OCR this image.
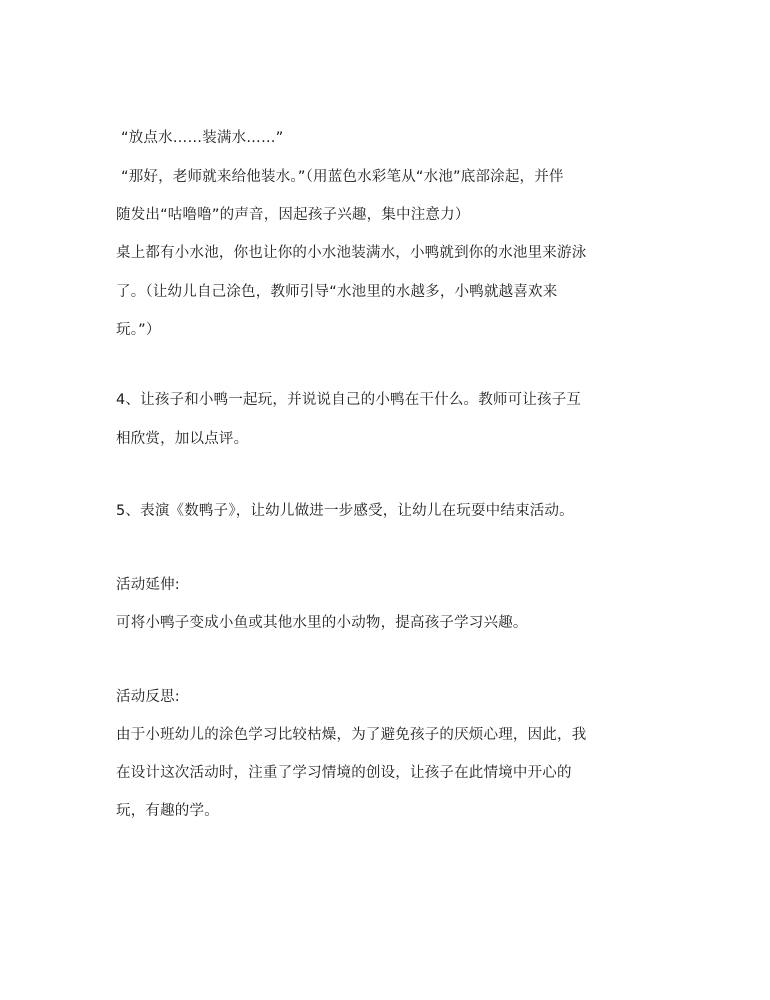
“放点水……装满水……”
“那好，老师就来给他装水。”（用蓝色水彩笔从“水池”底部涂起，并伴
随发出“咕噜噜”的声音，因起孩子兴趣，集中注意力）
桌上都有小水池，你也让你的小水池装满水，小鸭就到你的水池里来游泳
了。（让幼儿自己涂色，教师引导“水池里的水越多，小鸭就越喜欢来
玩。”）
4、让孩子和小鸭一起玩，并说说自己的小鸭在干什么。教师可让孩子互
相欣赏，加以点评。
5、表演《数鸭子》，让幼儿做进一步感受，让幼儿在玩耍中结束活动。
活动延伸:
可将小鸭子变成小鱼或其他水里的小动物，提高孩子学习兴趣。
活动反思:
由于小班幼儿的涂色学习比较枯燥，为了避免孩子的厌烦心理，因此，我
在设计这次活动时，注重了学习情境的创设，让孩子在此情境中开心的
玩，有趣的学。
